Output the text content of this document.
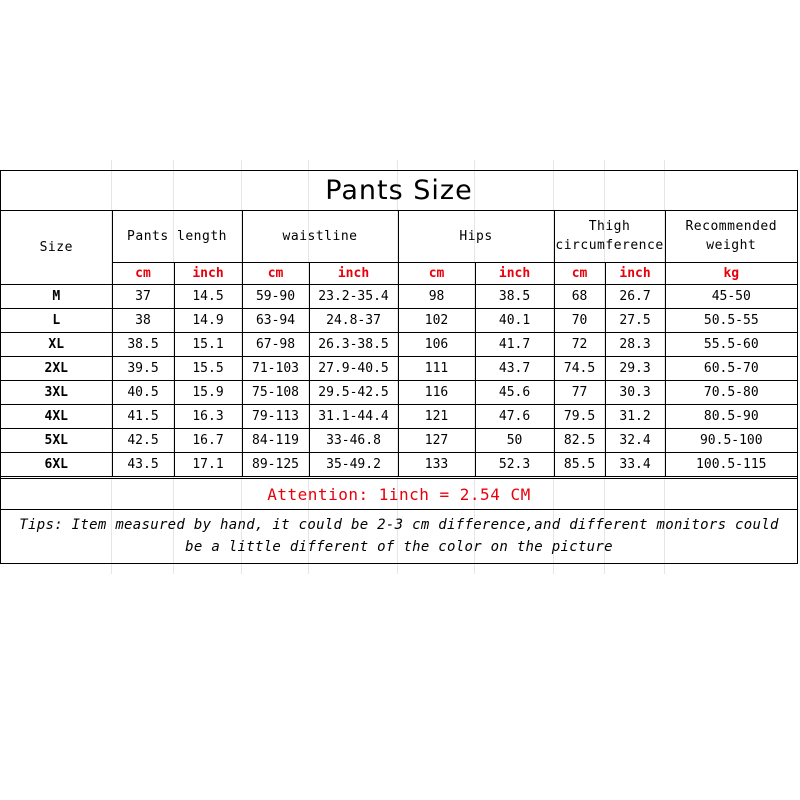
Pants Size
Size	Pants length		waistline		Hips		Thigh circumference		Recommended weight
	cm	inch	cm	inch	cm	inch	cm	inch	kg
M	37	14.5	59-90	23.2-35.4	98	38.5	68	26.7	45-50
L	38	14.9	63-94	24.8-37	102	40.1	70	27.5	50.5-55
XL	38.5	15.1	67-98	26.3-38.5	106	41.7	72	28.3	55.5-60
2XL	39.5	15.5	71-103	27.9-40.5	111	43.7	74.5	29.3	60.5-70
3XL	40.5	15.9	75-108	29.5-42.5	116	45.6	77	30.3	70.5-80
4XL	41.5	16.3	79-113	31.1-44.4	121	47.6	79.5	31.2	80.5-90
5XL	42.5	16.7	84-119	33-46.8	127	50	82.5	32.4	90.5-100
6XL	43.5	17.1	89-125	35-49.2	133	52.3	85.5	33.4	100.5-115
Attention: 1inch = 2.54 CM
Tips: Item measured by hand, it could be 2-3 cm difference,and different monitors could be a little different of the color on the picture
